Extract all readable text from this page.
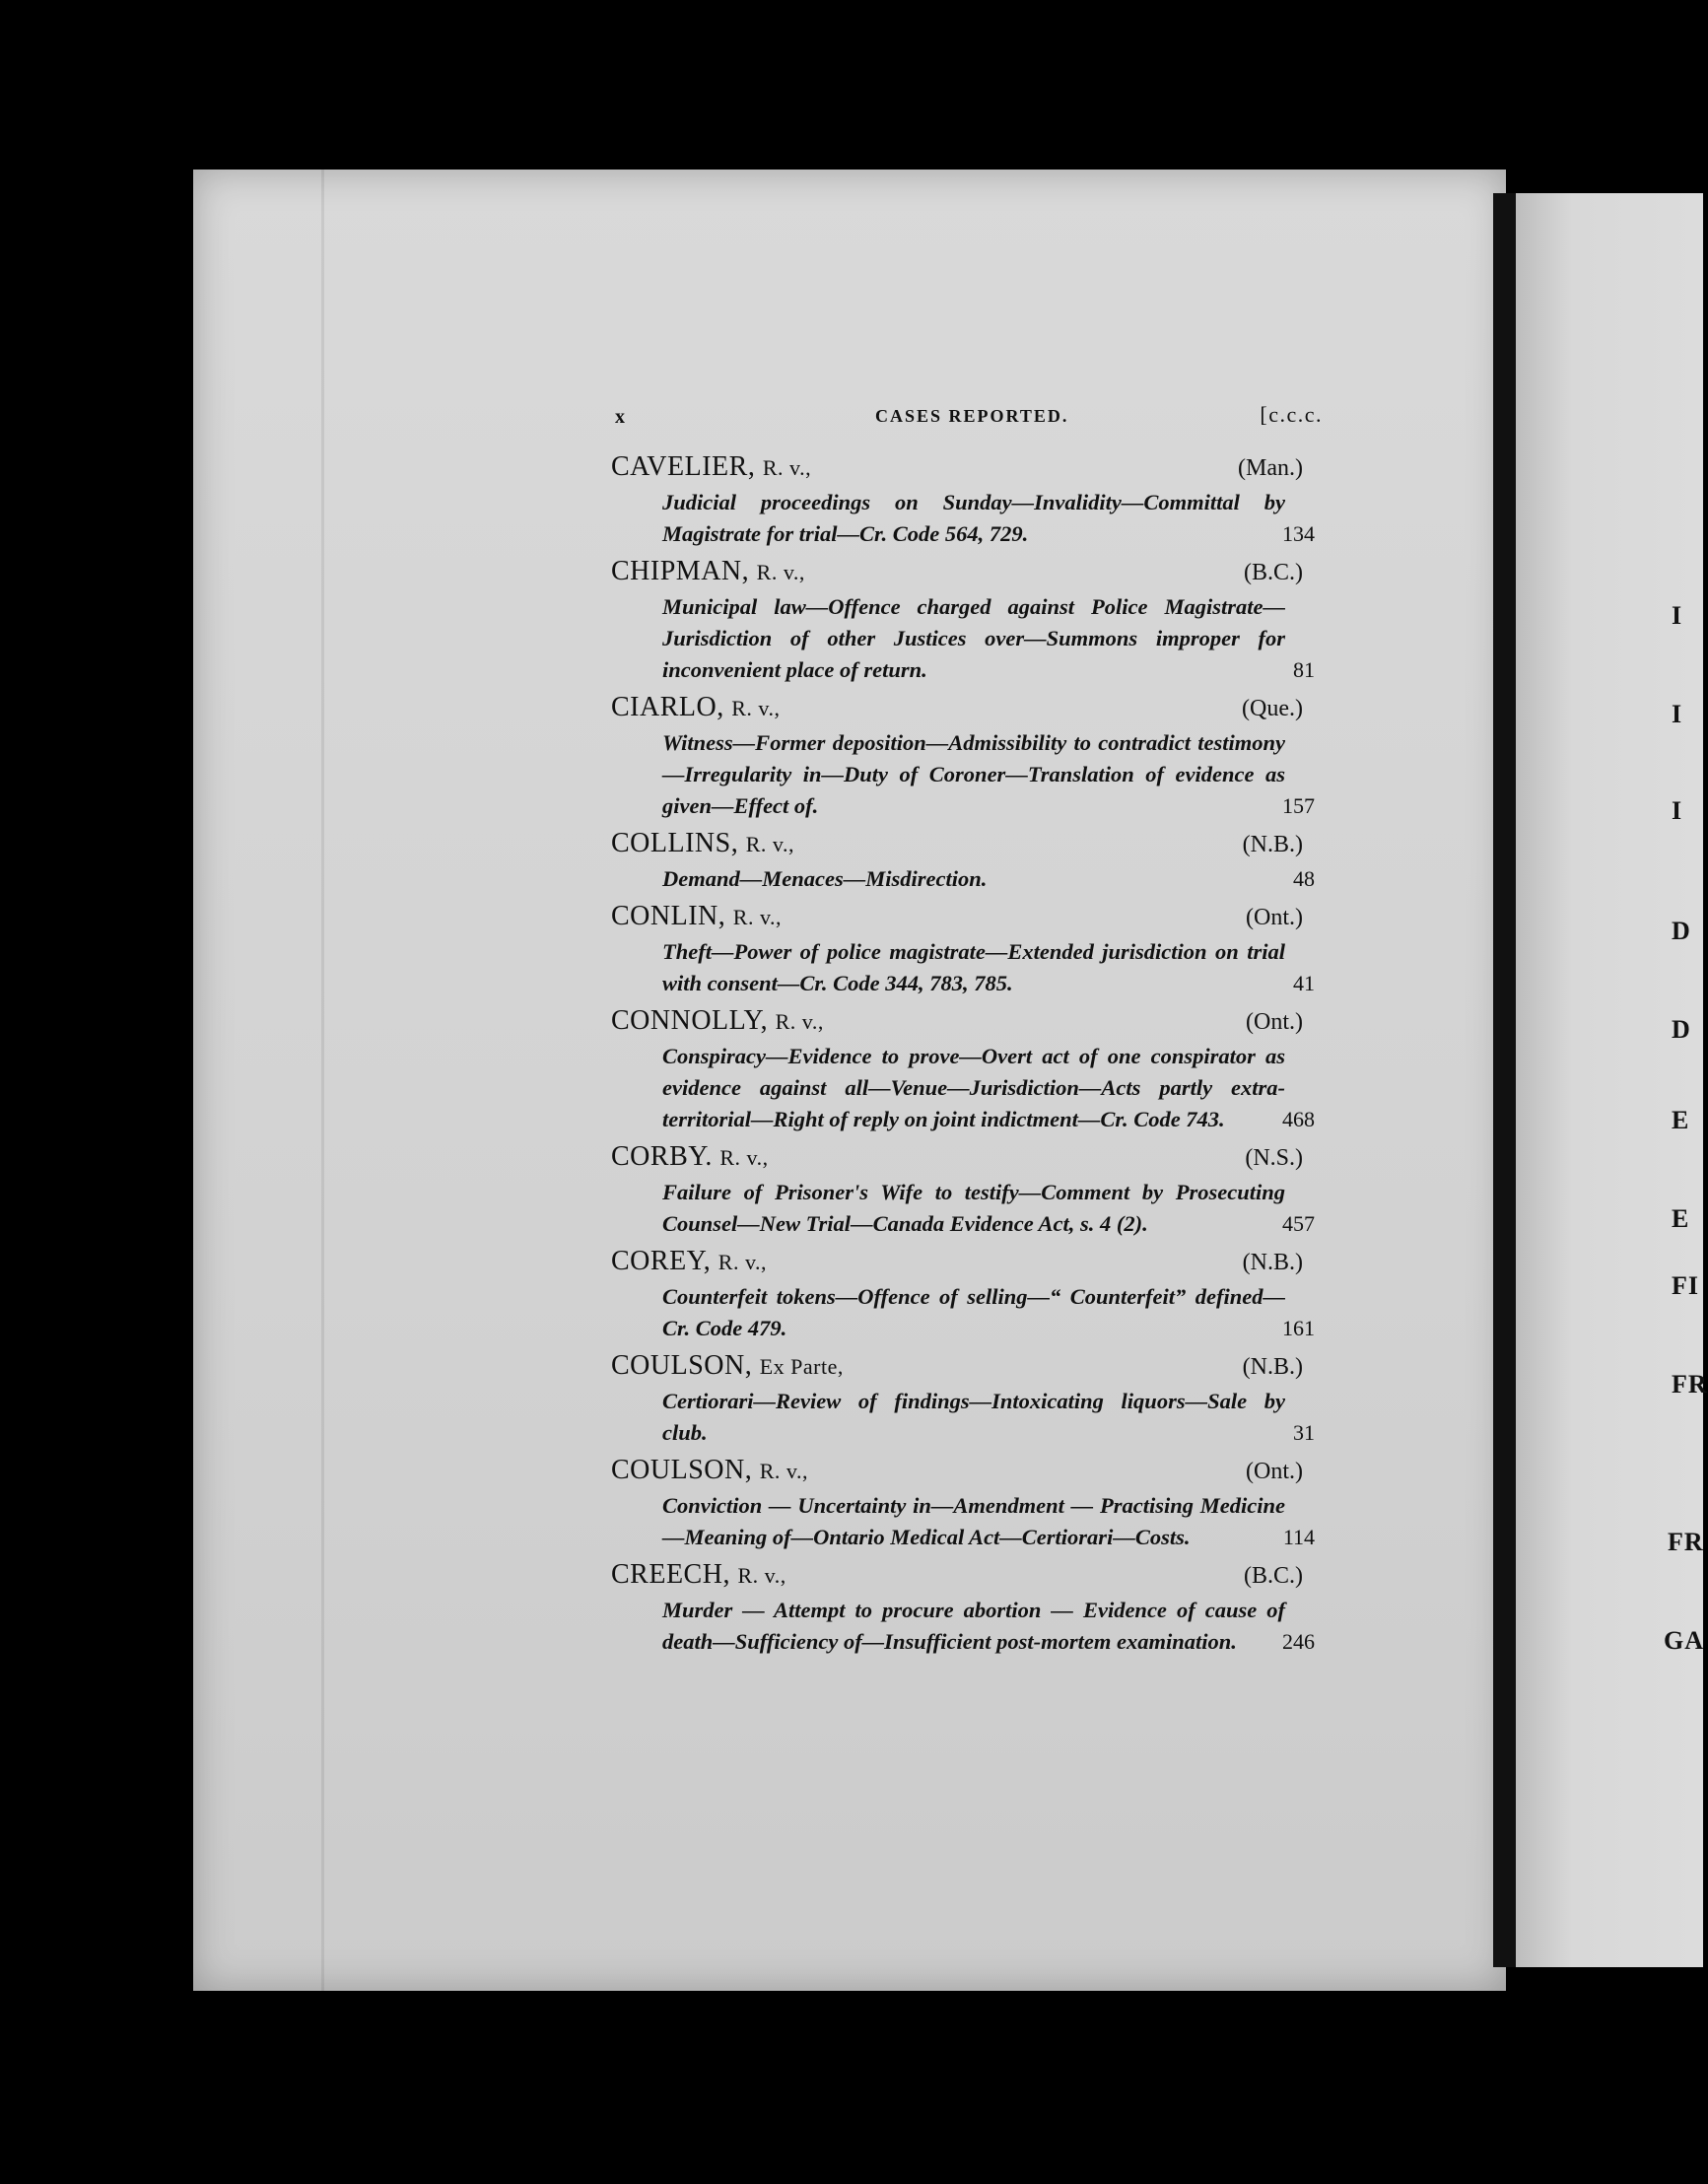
I
I
I
D
D
E
E
FI
FR
FR
GA
x	CASES REPORTED.	[c.c.c.
CAVELIER, R. v.,	(Man.)
Judicial proceedings on Sunday—Invalidity—Committal by Magistrate for trial—Cr. Code 564, 729.	134
CHIPMAN, R. v.,	(B.C.)
Municipal law—Offence charged against Police Magistrate—Jurisdiction of other Justices over—Summons improper for inconvenient place of return.	81
CIARLO, R. v.,	(Que.)
Witness—Former deposition—Admissibility to contradict testimony—Irregularity in—Duty of Coroner—Translation of evidence as given—Effect of.	157
COLLINS, R. v.,	(N.B.)
Demand—Menaces—Misdirection.	48
CONLIN, R. v.,	(Ont.)
Theft—Power of police magistrate—Extended jurisdiction on trial with consent—Cr. Code 344, 783, 785.	41
CONNOLLY, R. v.,	(Ont.)
Conspiracy—Evidence to prove—Overt act of one conspirator as evidence against all—Venue—Jurisdiction—Acts partly extra-territorial—Right of reply on joint indictment—Cr. Code 743.	468
CORBY. R. v.,	(N.S.)
Failure of Prisoner's Wife to testify—Comment by Prosecuting Counsel—New Trial—Canada Evidence Act, s. 4 (2).	457
COREY, R. v.,	(N.B.)
Counterfeit tokens—Offence of selling—“ Counterfeit” defined—Cr. Code 479.	161
COULSON, Ex Parte,	(N.B.)
Certiorari—Review of findings—Intoxicating liquors—Sale by club.	31
COULSON, R. v.,	(Ont.)
Conviction — Uncertainty in—Amendment — Practising Medicine—Meaning of—Ontario Medical Act—Certiorari—Costs.	114
CREECH, R. v.,	(B.C.)
Murder — Attempt to procure abortion — Evidence of cause of death—Sufficiency of—Insufficient post-mortem examination. 246
